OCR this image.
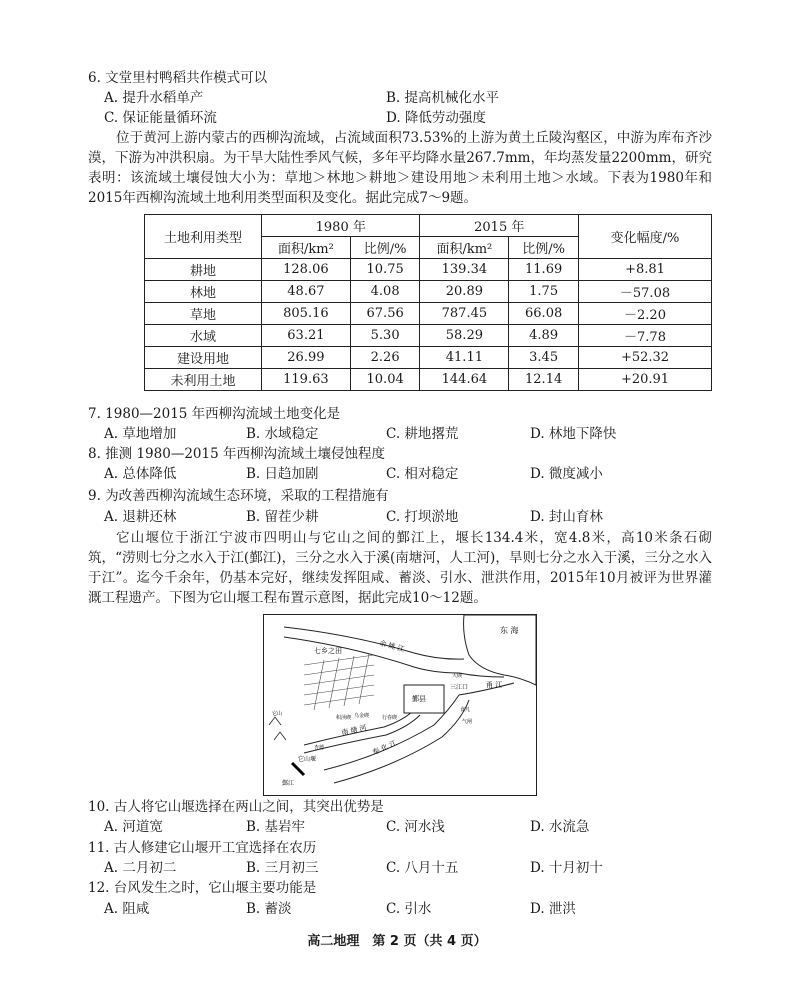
6. 文堂里村鸭稻共作模式可以
A. 提升水稻单产	B. 提高机械化水平
C. 保证能量循环流	D. 降低劳动强度
位于黄河上游内蒙古的西柳沟流域，占流域面积73.53%的上游为黄土丘陵沟壑区，中游为库布齐沙漠，下游为冲洪积扇。为干旱大陆性季风气候，多年平均降水量267.7mm，年均蒸发量2200mm，研究表明：该流域土壤侵蚀大小为：草地＞林地＞耕地＞建设用地＞未利用土地＞水域。下表为1980年和2015年西柳沟流域土地利用类型面积及变化。据此完成7～9题。
土地利用类型	1980 年		2015 年		变化幅度/%
	面积/km²	比例/%	面积/km²	比例/%	
耕地	128.06	10.75	139.34	11.69	+8.81
林地	48.67	4.08	20.89	1.75	－57.08
草地	805.16	67.56	787.45	66.08	－2.20
水域	63.21	5.30	58.29	4.89	－7.78
建设用地	26.99	2.26	41.11	3.45	+52.32
未利用土地	119.63	10.04	144.64	12.14	+20.91
7. 1980—2015 年西柳沟流域土地变化是
A. 草地增加	B. 水域稳定	C. 耕地撂荒	D. 林地下降快
8. 推测 1980—2015 年西柳沟流域土壤侵蚀程度
A. 总体降低	B. 日趋加剧	C. 相对稳定	D. 微度减小
9. 为改善西柳沟流域生态环境，采取的工程措施有
A. 退耕还林	B. 留茬少耕	C. 打坝淤地	D. 封山育林
它山堰位于浙江宁波市四明山与它山之间的鄞江上，堰长134.4米，宽4.8米，高10米条石砌筑，“涝则七分之水入于江(鄞江)，三分之水入于溪(南塘河，人工河)，旱则七分之水入于溪，三分之水入于江”。迄今千余年，仍基本完好，继续发挥阻咸、蓄淡、引水、泄洪作用，2015年10月被评为世界灌溉工程遗产。下图为它山堰工程布置示意图，据此完成10～12题。
东 海
七乡之田	余 姚 江
甬 江
奉 化 江
南 塘 河
鄞县
三江口
它山堰
鄞江
大碶
食凡
气闸
行春碶
乌金碶
积渎碶
杏德
它山
10. 古人将它山堰选择在两山之间，其突出优势是
A. 河道宽	B. 基岩牢	C. 河水浅	D. 水流急
11. 古人修建它山堰开工宜选择在农历
A. 二月初二	B. 三月初三	C. 八月十五	D. 十月初十
12. 台风发生之时，它山堰主要功能是
A. 阻咸	B. 蓄淡	C. 引水	D. 泄洪
高二地理　第 2 页（共 4 页）
